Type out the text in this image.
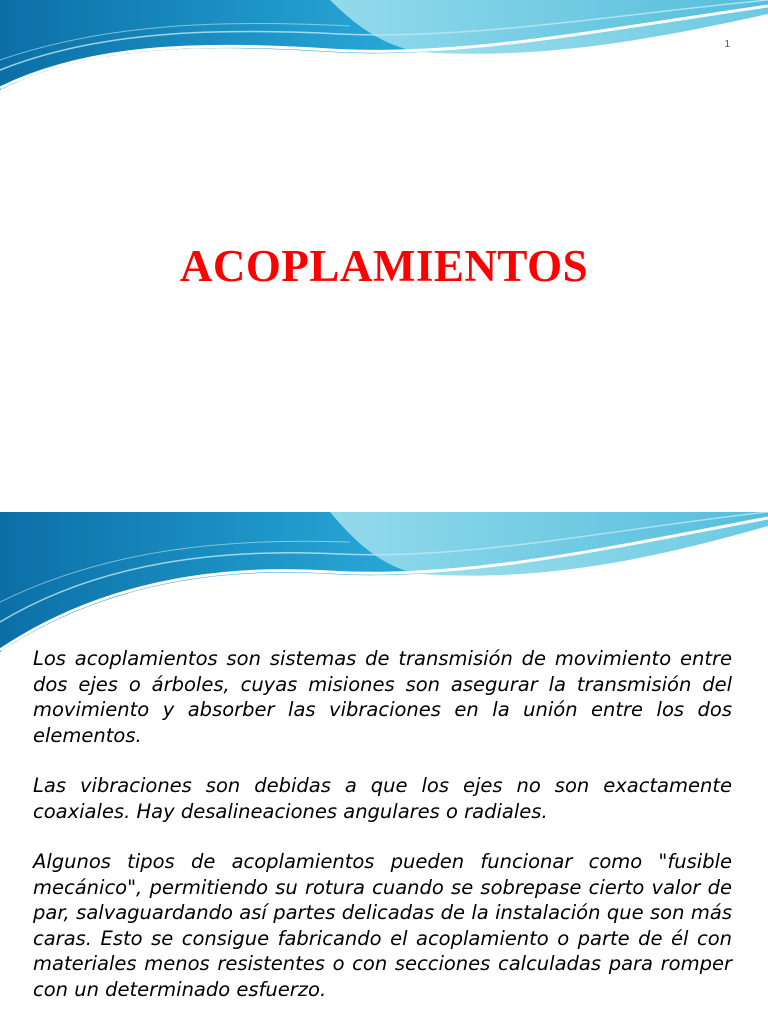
ACOPLAMIENTOS
1

Los acoplamientos son sistemas de transmisión de movimiento entre dos ejes o árboles, cuyas misiones son asegurar la transmisión del movimiento y absorber las vibraciones en la unión entre los dos elementos.

Las vibraciones son debidas a que los ejes no son exactamente coaxiales. Hay desalineaciones angulares o radiales.

Algunos tipos de acoplamientos pueden funcionar como "fusible mecánico", permitiendo su rotura cuando se sobrepase cierto valor de par, salvaguardando así partes delicadas de la instalación que son más caras. Esto se consigue fabricando el acoplamiento o parte de él con materiales menos resistentes o con secciones calculadas para romper con un determinado esfuerzo.
